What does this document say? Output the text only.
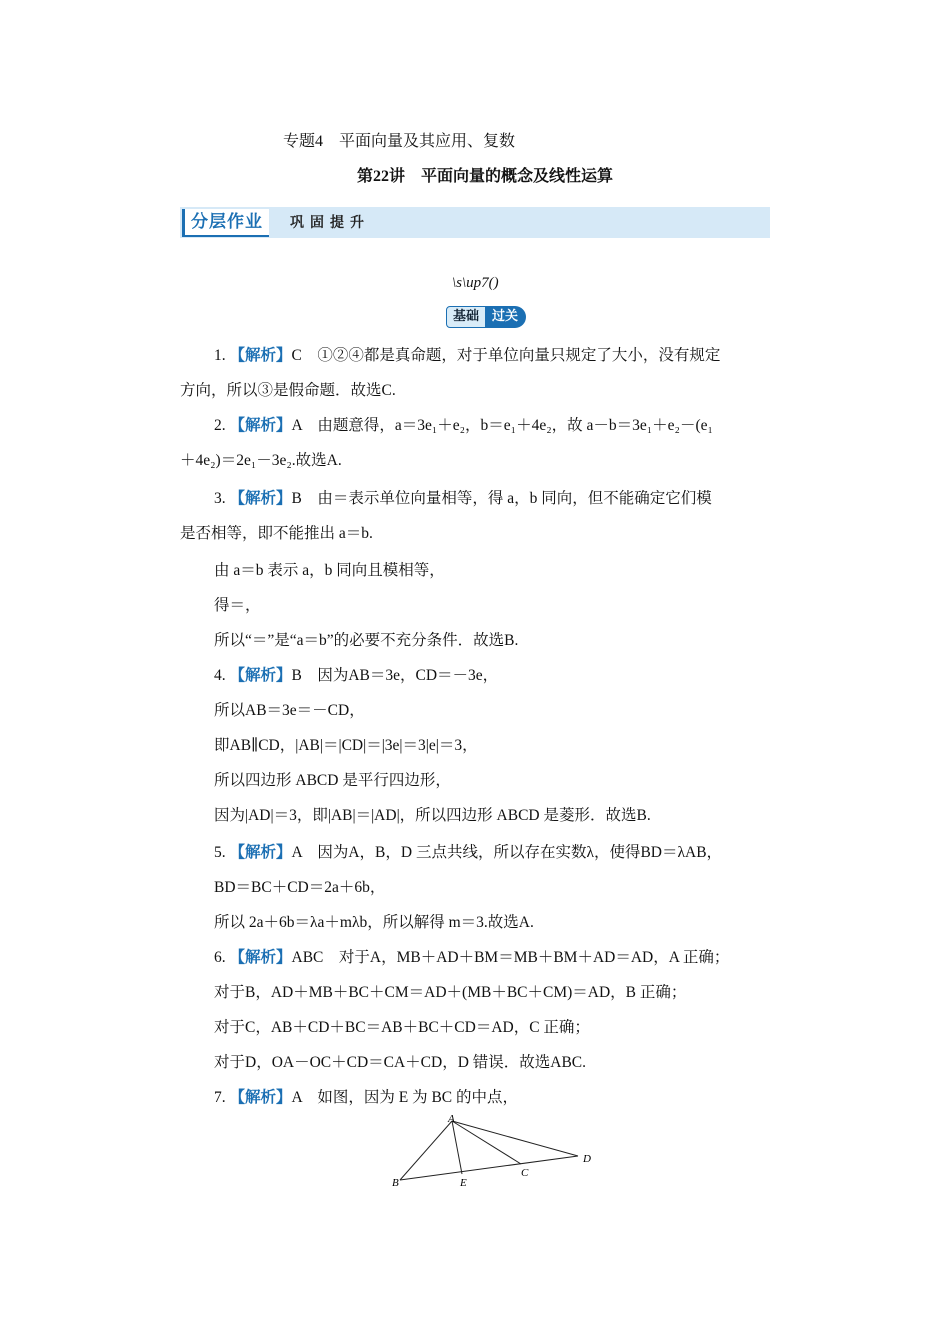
专题4　平面向量及其应用、复数
第22讲　平面向量的概念及线性运算
分层作业	巩固提升
\s\up7()
基础	过关
1. 【解析】C　①②④都是真命题，对于单位向量只规定了大小，没有规定
方向，所以③是假命题．故选C.
2. 【解析】A　由题意得，a＝3e₁＋e₂，b＝e₁＋4e₂，故 a－b＝3e₁＋e₂－(e₁
＋4e₂)＝2e₁－3e₂.故选A.
3. 【解析】B　由＝表示单位向量相等，得 a，b 同向，但不能确定它们模
是否相等，即不能推出 a＝b.
由 a＝b 表示 a，b 同向且模相等，
得＝，
所以“＝”是“a＝b”的必要不充分条件．故选B.
4. 【解析】B　因为AB＝3e，CD＝－3e，
所以AB＝3e＝－CD，
即AB∥CD，|AB|＝|CD|＝|3e|＝3|e|＝3，
所以四边形 ABCD 是平行四边形，
因为|AD|＝3，即|AB|＝|AD|，所以四边形 ABCD 是菱形．故选B.
5. 【解析】A　因为A，B，D 三点共线，所以存在实数λ，使得BD＝λAB，
BD＝BC＋CD＝2a＋6b，
所以 2a＋6b＝λa＋mλb，所以解得 m＝3.故选A.
6. 【解析】ABC　对于A，MB＋AD＋BM＝MB＋BM＋AD＝AD，A 正确；
对于B，AD＋MB＋BC＋CM＝AD＋(MB＋BC＋CM)＝AD，B 正确；
对于C，AB＋CD＋BC＝AB＋BC＋CD＝AD，C 正确；
对于D，OA－OC＋CD＝CA＋CD，D 错误．故选ABC.
7. 【解析】A　如图，因为 E 为 BC 的中点，
A
B	E
C
D
